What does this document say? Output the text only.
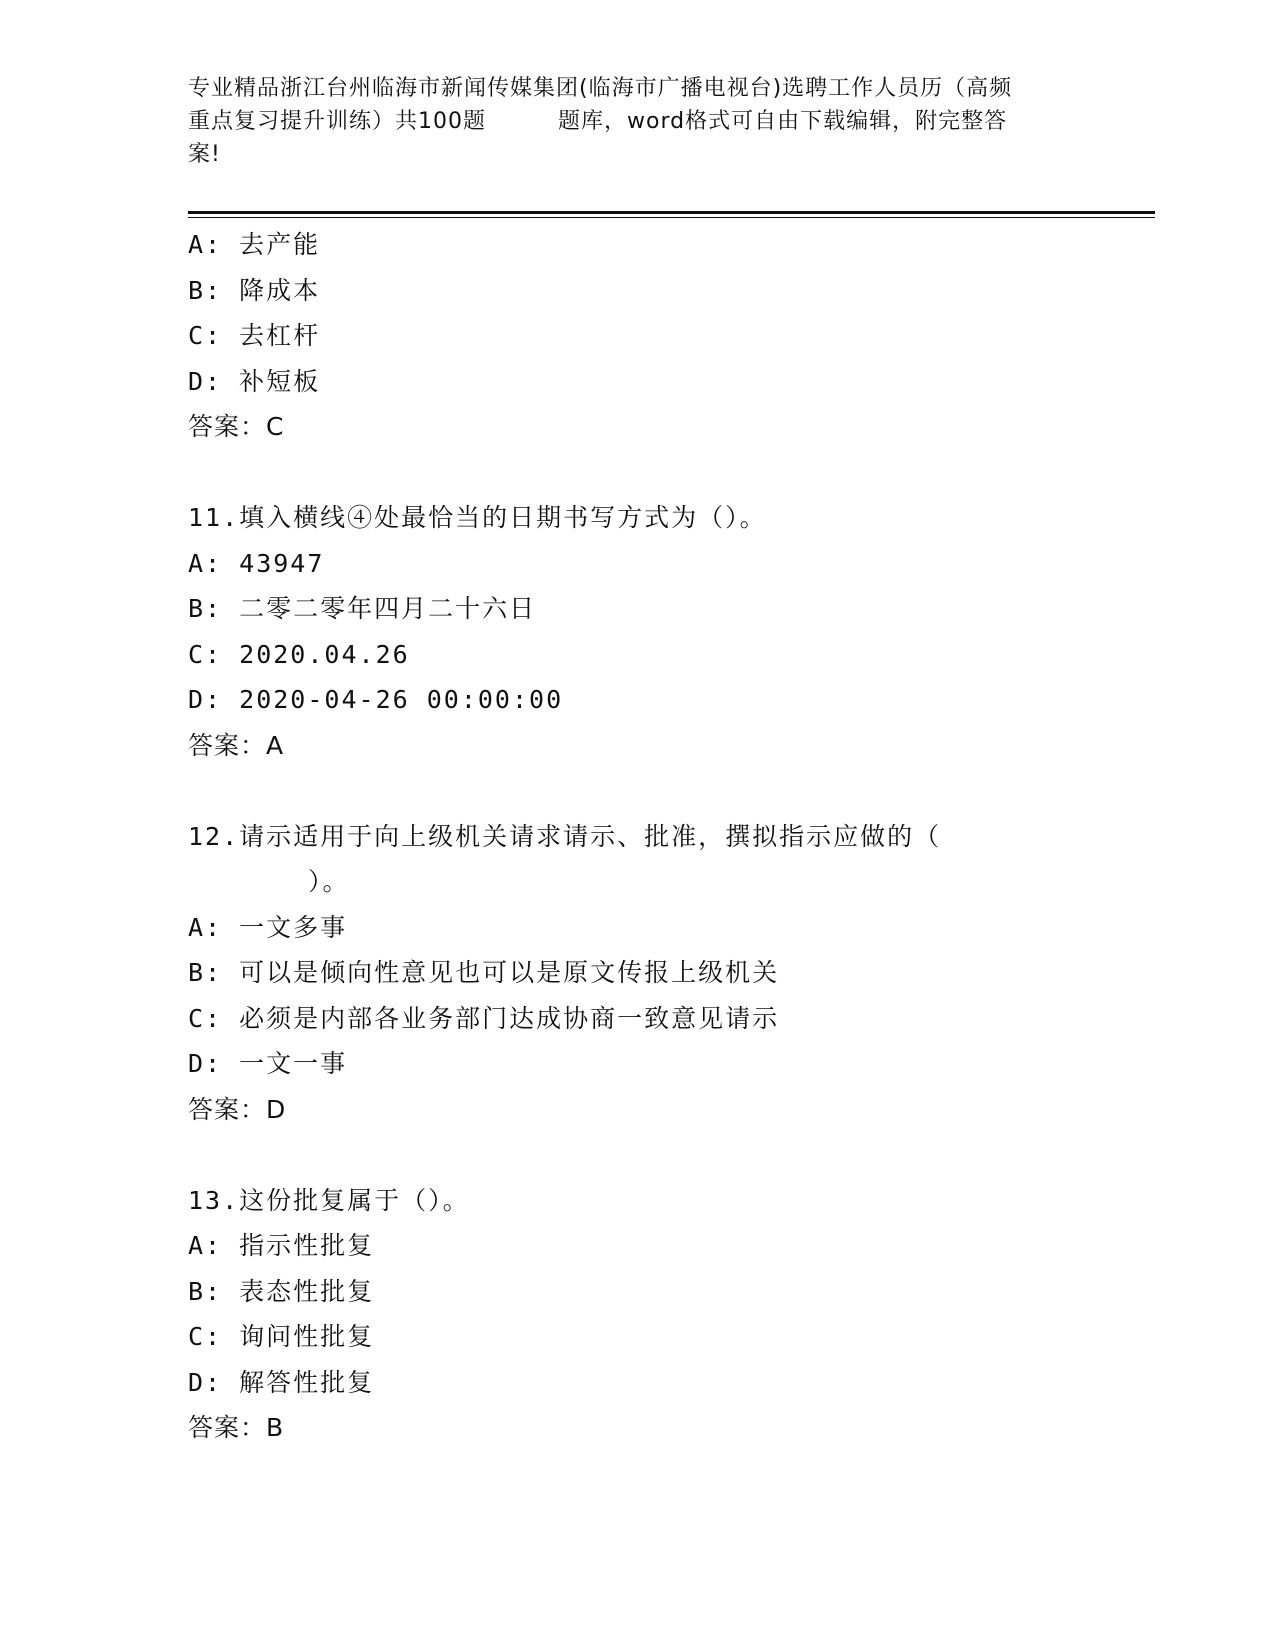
专业精品浙江台州临海市新闻传媒集团(临海市广播电视台)选聘工作人员历（高频
重点复习提升训练）共100题	题库，word格式可自由下载编辑，附完整答
案!
A: 去产能
B: 降成本
C: 去杠杆
D: 补短板
答案：C
11.填入横线④处最恰当的日期书写方式为（）。
A: 43947
B: 二零二零年四月二十六日
C: 2020.04.26
D: 2020-04-26 00:00:00
答案：A
12.请示适用于向上级机关请求请示、批准，撰拟指示应做的（
）。
A: 一文多事
B: 可以是倾向性意见也可以是原文传报上级机关
C: 必须是内部各业务部门达成协商一致意见请示
D: 一文一事
答案：D
13.这份批复属于（）。
A: 指示性批复
B: 表态性批复
C: 询问性批复
D: 解答性批复
答案：B
